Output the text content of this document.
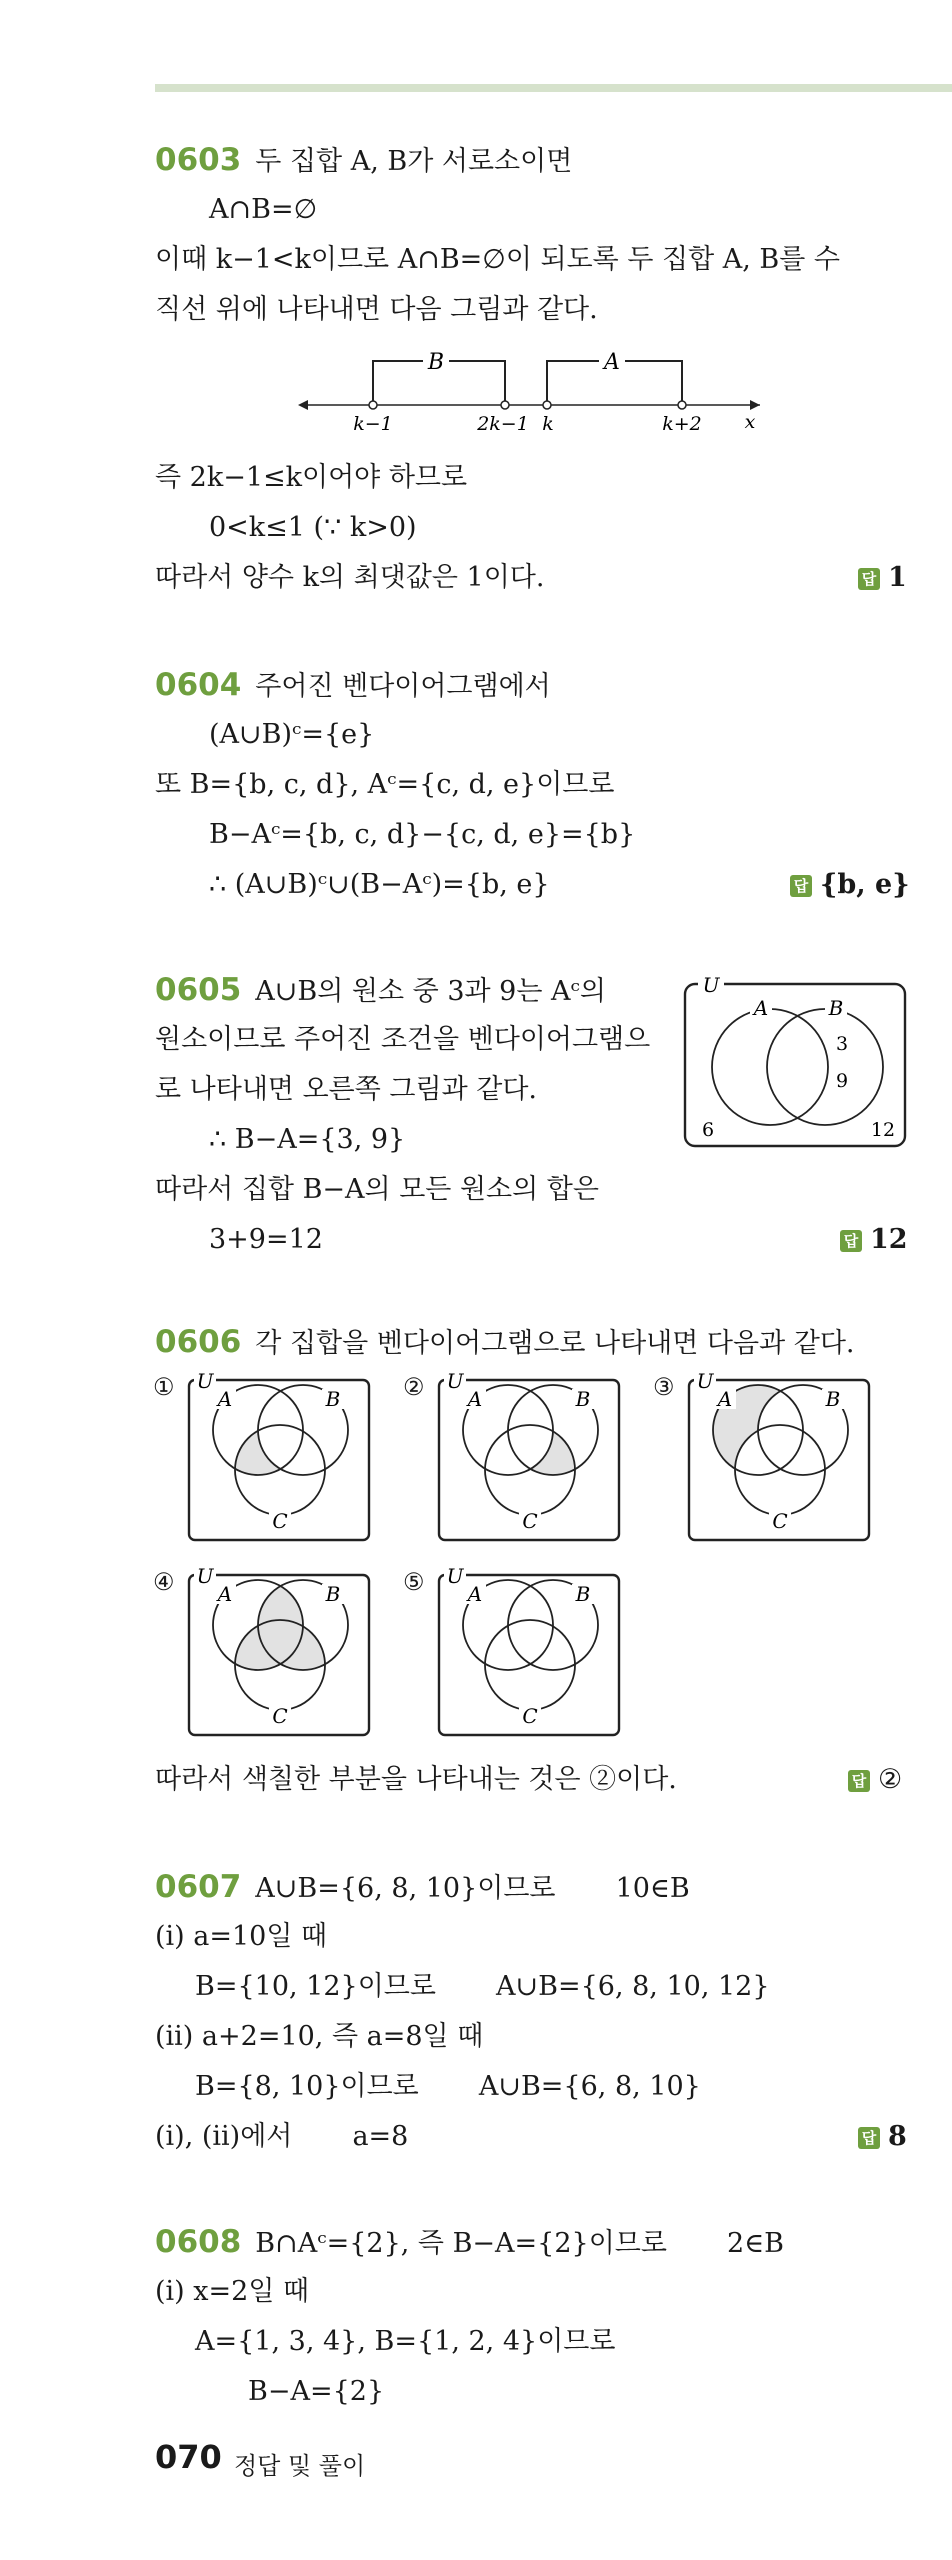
0603 두 집합 A, B가 서로소이면
A∩B=∅
이때 k−1<k이므로 A∩B=∅이 되도록 두 집합 A, B를 수
직선 위에 나타내면 다음 그림과 같다.
B	A
k−1	2k−1 k	k+2 x
즉 2k−1≤k이어야 하므로
0<k≤1 (∵ k>0)
따라서 양수 k의 최댓값은 1이다.	답 1
0604 주어진 벤다이어그램에서
(A∪B)ᶜ={e}
또 B={b, c, d}, Aᶜ={c, d, e}이므로
B−Aᶜ={b, c, d}−{c, d, e}={b}
∴ (A∪B)ᶜ∪(B−Aᶜ)={b, e}	답 {b, e}
0605 A∪B의 원소 중 3과 9는 Aᶜ의
원소이므로 주어진 조건을 벤다이어그램으
로 나타내면 오른쪽 그림과 같다.
∴ B−A={3, 9}
따라서 집합 B−A의 모든 원소의 합은
3+9=12	답 12
U
A	B
3
9
6	12
0606 각 집합을 벤다이어그램으로 나타내면 다음과 같다.
① U
A	B
C
② U
A	B
C
③ U
A	B
C
④ U
A	B
C
⑤ U
A	B
C
따라서 색칠한 부분을 나타내는 것은 ②이다.	답 ②
0607 A∪B={6, 8, 10}이므로       10∈B
(ⅰ) a=10일 때
B={10, 12}이므로       A∪B={6, 8, 10, 12}
(ⅱ) a+2=10, 즉 a=8일 때
B={8, 10}이므로       A∪B={6, 8, 10}
(ⅰ), (ⅱ)에서       a=8	답 8
0608 B∩Aᶜ={2}, 즉 B−A={2}이므로       2∈B
(ⅰ) x=2일 때
A={1, 3, 4}, B={1, 2, 4}이므로
B−A={2}
070 정답 및 풀이
